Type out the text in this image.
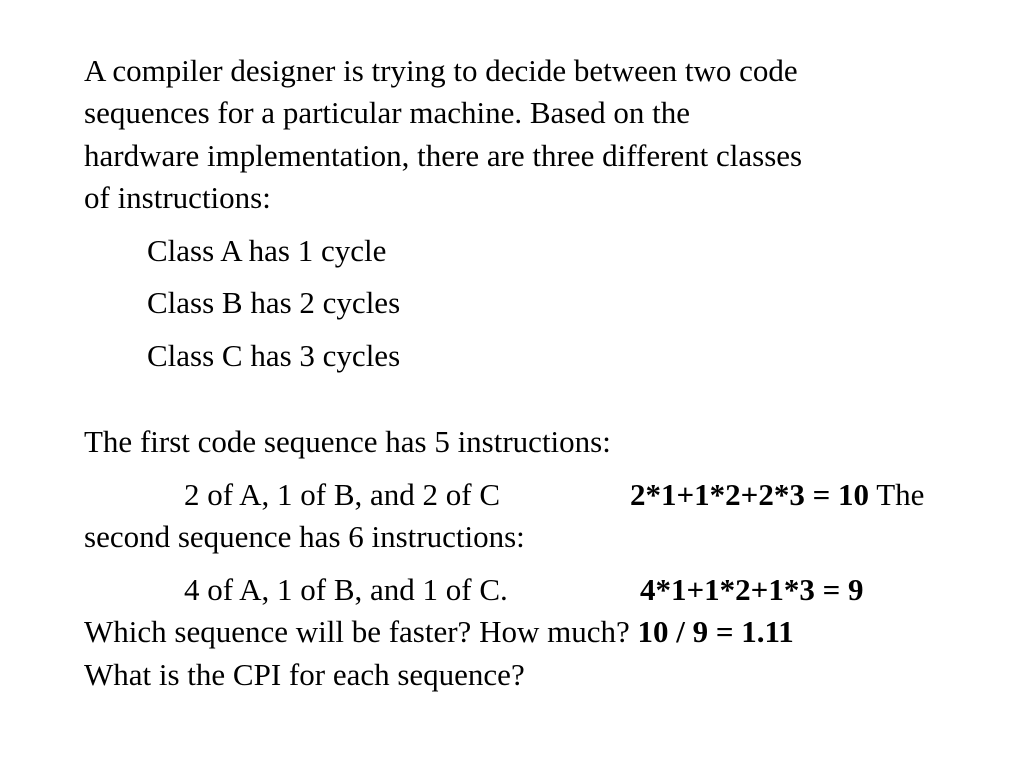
A compiler designer is trying to decide between two code
sequences for a particular machine. Based on the
hardware implementation, there are three different classes
of instructions:
Class A has 1 cycle
Class B has 2 cycles
Class C has 3 cycles
The first code sequence has 5 instructions:
2 of A, 1 of B, and 2 of C	2*1+1*2+2*3 = 10 The
second sequence has 6 instructions:
4 of A, 1 of B, and 1 of C.	4*1+1*2+1*3 = 9
Which sequence will be faster? How much? 10 / 9 = 1.11
What is the CPI for each sequence?
